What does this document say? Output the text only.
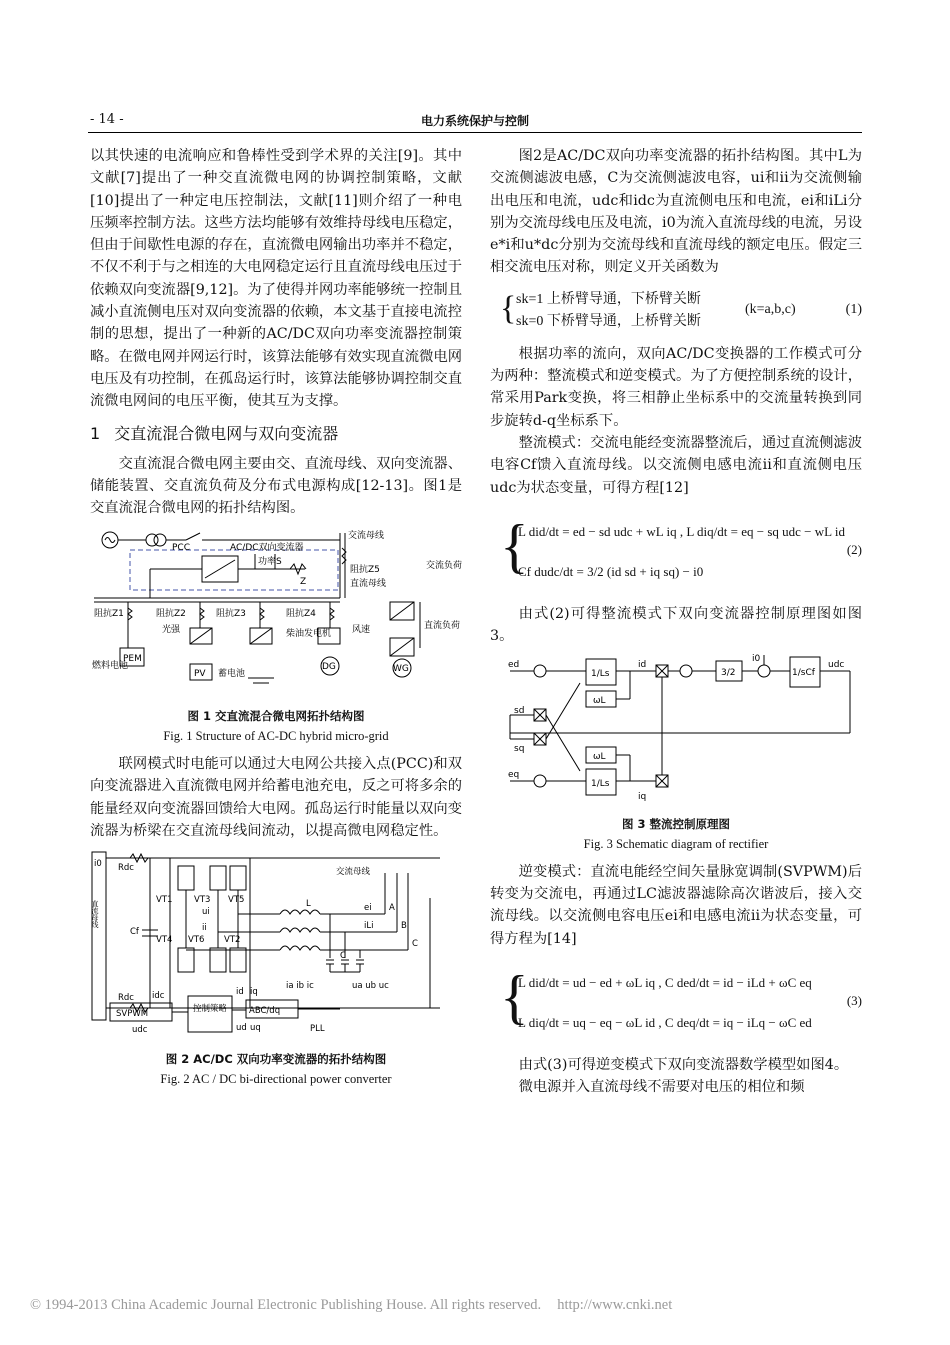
- 14 -	电力系统保护与控制

以其快速的电流响应和鲁棒性受到学术界的关注[9]。其中文献[7]提出了一种交直流微电网的协调控制策略，文献[10]提出了一种定电压控制法，文献[11]则介绍了一种电压频率控制方法。这些方法均能够有效维持母线电压稳定，但由于间歇性电源的存在，直流微电网输出功率并不稳定，不仅不利于与之相连的大电网稳定运行且直流母线电压过于依赖双向变流器[9,12]。为了使得并网功率能够统一控制且减小直流侧电压对双向变流器的依赖，本文基于直接电流控制的思想，提出了一种新的AC/DC双向功率变流器控制策略。在微电网并网运行时，该算法能够有效实现直流微电网电压及有功控制，在孤岛运行时，该算法能够协调控制交直流微电网间的电压平衡，使其互为支撑。

1 交直流混合微电网与双向变流器

交直流混合微电网主要由交、直流母线、双向变流器、储能装置、交直流负荷及分布式电源构成[12-13]。图1是交直流混合微电网的拓扑结构图。

PCC	AC/DC双向变流器
交流母线
功率S
Z
阻抗Z5
直流母线
交流负荷
阻抗Z1	阻抗Z2	阻抗Z3	阻抗Z4
光强	柴油发电机 风速	直流负荷
燃料电池
PEM
PV 蓄电池
DG	WG
图 1 交直流混合微电网拓扑结构图
Fig. 1 Structure of AC-DC hybrid micro-grid

联网模式时电能可以通过大电网公共接入点(PCC)和双向变流器进入直流微电网并给蓄电池充电，反之可将多余的能量经双向变流器回馈给大电网。孤岛运行时能量以双向变流器为桥梁在交直流母线间流动，以提高微电网稳定性。

i0 Rdc
Rdc
Cf
直流母线	VT1	VT3 VT5
VT4 VT6 VT2
ui
ii
L
交流母线
ei
iLi
A
B
C
C
SVPWM	控制策略	ABC/dq
PLL
idc
udc
id iq
ud uq
ia ib ic	ua ub uc
图 2 AC/DC 双向功率变流器的拓扑结构图
Fig. 2 AC / DC bi-directional power converter

图2是AC/DC双向功率变流器的拓扑结构图。其中L为交流侧滤波电感，C为交流侧滤波电容，ui和ii为交流侧输出电压和电流，udc和idc为直流侧电压和电流，ei和iLi分别为交流母线电压及电流，i0为流入直流母线的电流，另设e*i和u*dc分别为交流母线和直流母线的额定电压。假定三相交流电压对称，则定义开关函数为

{ sk=1 上桥臂导通，下桥臂关断
sk=0 下桥臂导通，上桥臂关断
(k=a,b,c)	(1)

根据功率的流向，双向AC/DC变换器的工作模式可分为两种：整流模式和逆变模式。为了方便控制系统的设计，常采用Park变换，将三相静止坐标系中的交流量转换到同步旋转d-q坐标系下。

整流模式：交流电能经变流器整流后，通过直流侧滤波电容Cf馈入直流母线。以交流侧电感电流ii和直流侧电压udc为状态变量，可得方程[12]

{
L did/dt = ed − sd udc + wL iq , L diq/dt = eq − sq udc − wL id
Cf dudc/dt = 3/2 (id sd + iq sq) − i0
(2)

由式(2)可得整流模式下双向变流器控制原理图如图3。

ed
eq
sd
sq
1/Ls
1/Ls
ωL
ωL
id
iq
3/2
i0
1/sCf
udc
图 3 整流控制原理图
Fig. 3 Schematic diagram of rectifier

逆变模式：直流电能经空间矢量脉宽调制(SVPWM)后转变为交流电，再通过LC滤波器滤除高次谐波后，接入交流母线。以交流侧电容电压ei和电感电流ii为状态变量，可得方程为[14]

{
L did/dt = ud − ed + ωL iq , C ded/dt = id − iLd + ωC eq
L diq/dt = uq − eq − ωL id , C deq/dt = iq − iLq − ωC ed
(3)

由式(3)可得逆变模式下双向变流器数学模型如图4。

微电源并入直流母线不需要对电压的相位和频

© 1994-2013 China Academic Journal Electronic Publishing House. All rights reserved. http://www.cnki.net
